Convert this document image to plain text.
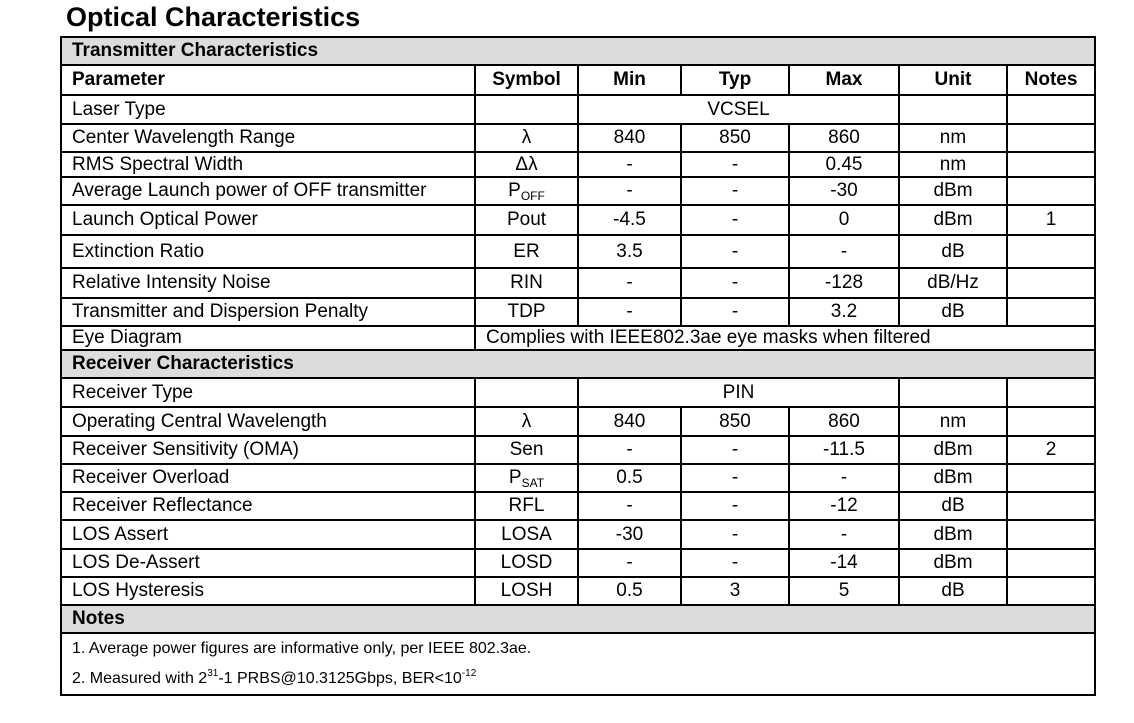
Optical Characteristics
Transmitter Characteristics						
Parameter	Symbol	Min	Typ	Max	Unit	Notes
Laser Type		VCSEL				
Center Wavelength Range	λ	840	850	860	nm	
RMS Spectral Width	Δλ	-	-	0.45	nm	
Average Launch power of OFF transmitter	$P_{OFF}$	-	-	-30	dBm	
Launch Optical Power	Pout	-4.5	-	0	dBm	1
Extinction Ratio	ER	3.5	-	-	dB	
Relative Intensity Noise	RIN	-	-	-128	dB/Hz	
Transmitter and Dispersion Penalty	TDP	-	-	3.2	dB	
Eye Diagram	Complies with IEEE802.3ae eye masks when filtered					
Receiver Characteristics						
Receiver Type		PIN				
Operating Central Wavelength	λ	840	850	860	nm	
Receiver Sensitivity (OMA)	Sen	-	-	-11.5	dBm	2
Receiver Overload	$P_{SAT}$	0.5	-	-	dBm	
Receiver Reflectance	RFL	-	-	-12	dB	
LOS Assert	LOSA	-30	-	-	dBm	
LOS De-Assert	LOSD	-	-	-14	dBm	
LOS Hysteresis	LOSH	0.5	3	5	dB	
Notes						

1. Average power figures are informative only, per IEEE 802.3ae.
2. Measured with $2^{31}-1$ PRBS@10.3125Gbps, $BER<10^{-12}$
